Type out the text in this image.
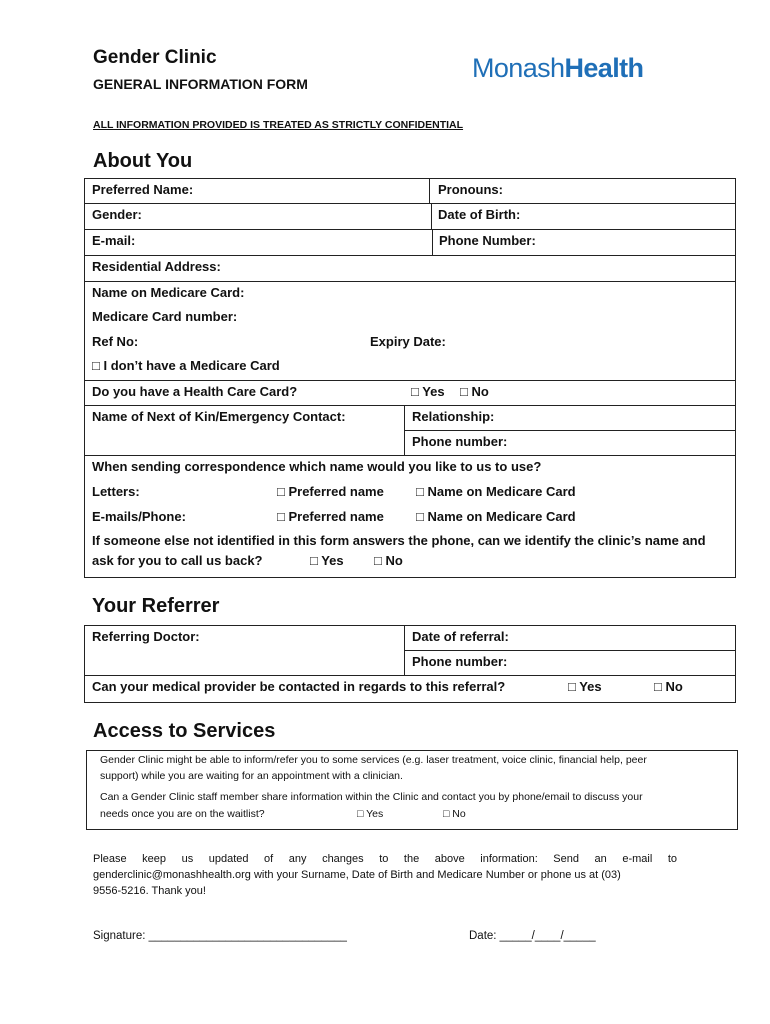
Gender Clinic
GENERAL INFORMATION FORM
ALL INFORMATION PROVIDED IS TREATED AS STRICTLY CONFIDENTIAL
MonashHealth
About You
Preferred Name:	Pronouns:
Gender:	Date of Birth:
E-mail:	Phone Number:
Residential Address:
Name on Medicare Card:
Medicare Card number:
Ref No:	Expiry Date:
□ I don’t have a Medicare Card
Do you have a Health Care Card?	□ Yes □ No
Name of Next of Kin/Emergency Contact:	Relationship:
Phone number:
When sending correspondence which name would you like to us to use?
Letters:	□ Preferred name □ Name on Medicare Card
E-mails/Phone:	□ Preferred name □ Name on Medicare Card
If someone else not identified in this form answers the phone, can we identify the clinic’s name and
ask for you to call us back?	□ Yes □ No
Your Referrer
Referring Doctor:	Date of referral:
Phone number:
Can your medical provider be contacted in regards to this referral?	□ Yes	□ No
Access to Services
Gender Clinic might be able to inform/refer you to some services (e.g. laser treatment, voice clinic, financial help, peer
support) while you are waiting for an appointment with a clinician.
Can a Gender Clinic staff member share information within the Clinic and contact you by phone/email to discuss your
needs once you are on the waitlist?	□ Yes	□ No
Please keep us updated of any changes to the above information: Send an e-mail to
genderclinic@monashhealth.org with your Surname, Date of Birth and Medicare Number or phone us at (03)
9556-5216. Thank you!
Signature: _______________________________	Date: _____/____/_____
